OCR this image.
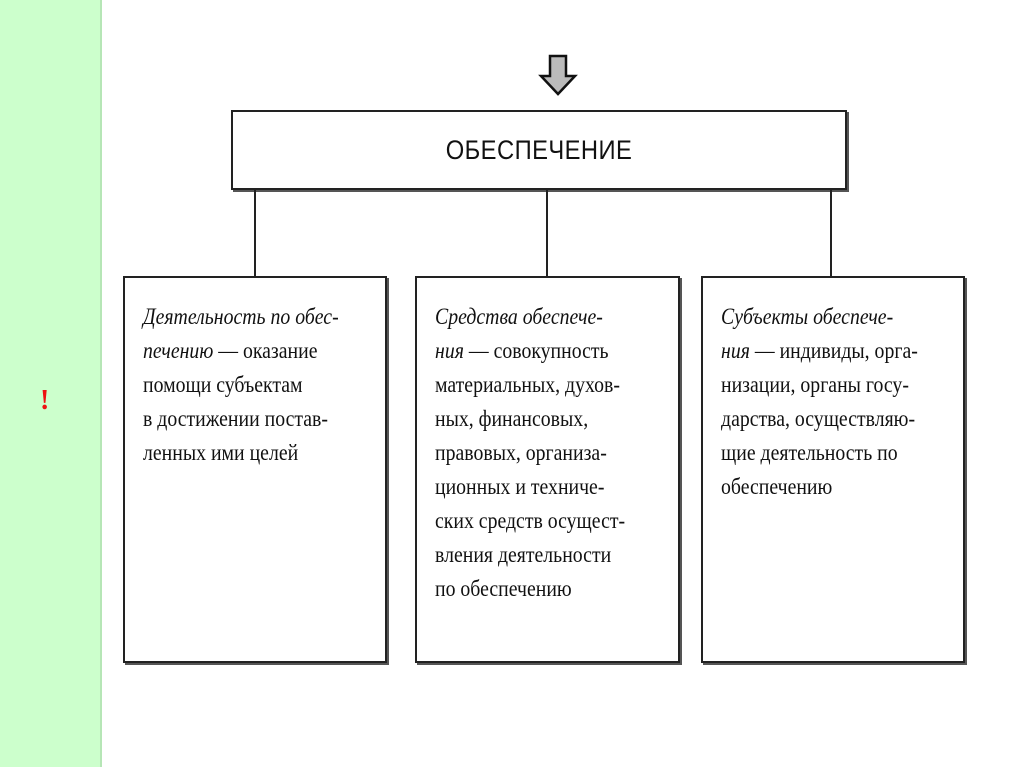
!
ОБЕСПЕЧЕНИЕ
Деятельность по обес-
печению — оказание
помощи субъектам
в достижении постав-
ленных ими целей
Средства обеспече-
ния — совокупность
материальных, духов-
ных, финансовых,
правовых, организа-
ционных и техниче-
ских средств осущест-
вления деятельности
по обеспечению
Субъекты обеспече-
ния — индивиды, орга-
низации, органы госу-
дарства, осуществляю-
щие деятельность по
обеспечению
